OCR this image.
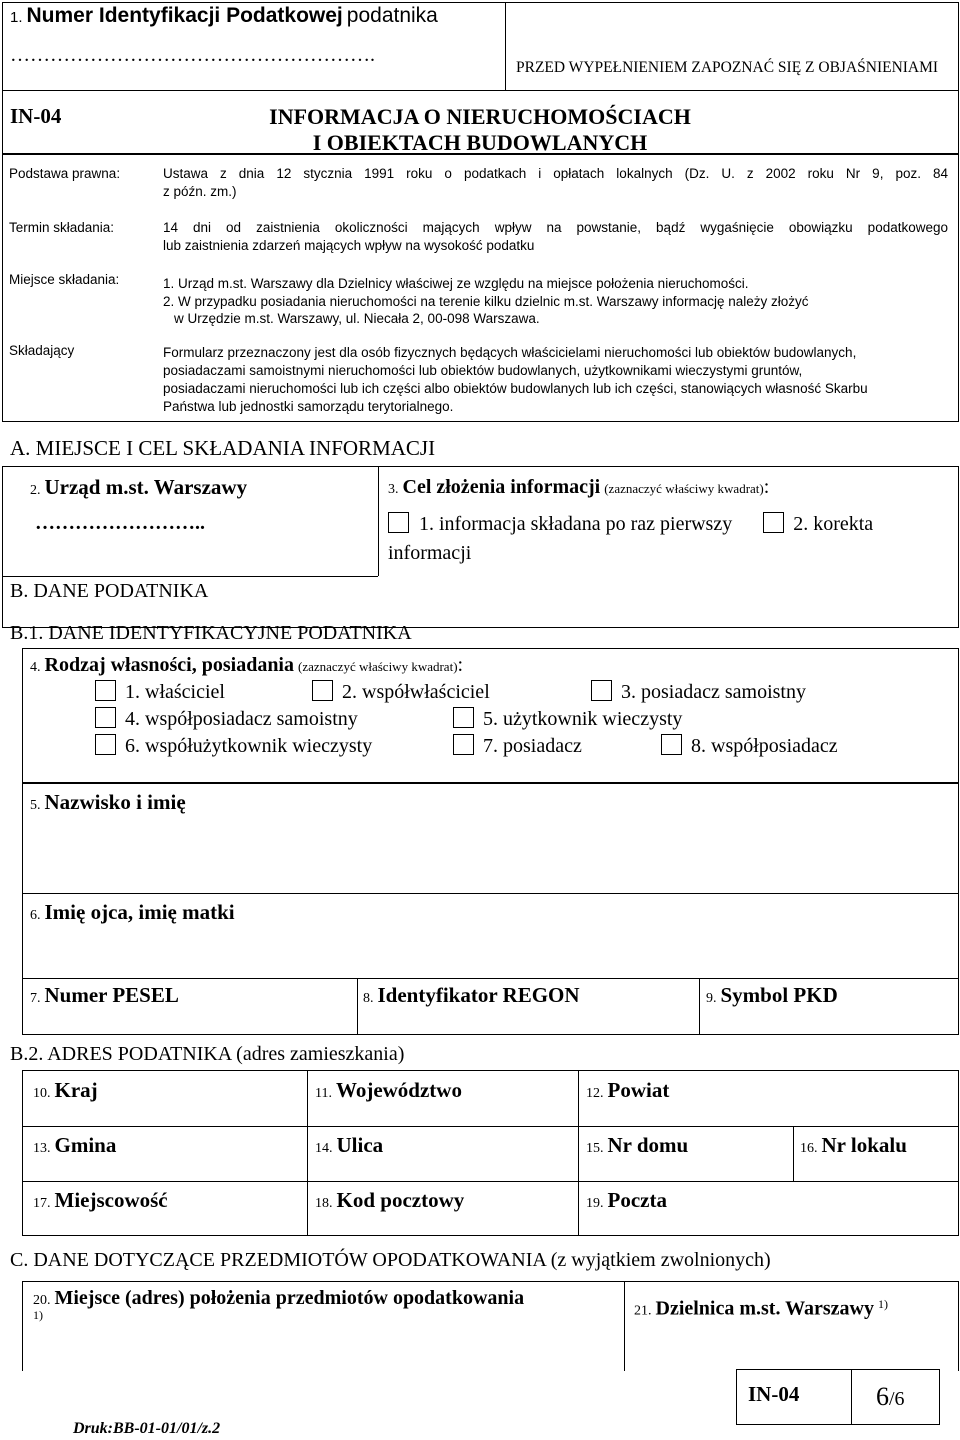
1. Numer Identyfikacji Podatkowej podatnika
……………………………………………….
PRZED WYPEŁNIENIEM ZAPOZNAĆ SIĘ Z OBJAŚNIENIAMI
IN-04	INFORMACJA O NIERUCHOMOŚCIACH
I OBIEKTACH BUDOWLANYCH
Podstawa prawna:	Ustawa z dnia 12 stycznia 1991 roku o podatkach i opłatach lokalnych (Dz. U. z 2002 roku Nr 9, poz. 84
z późn. zm.)
Termin składania:	14 dni od zaistnienia okoliczności mających wpływ na powstanie, bądź wygaśnięcie obowiązku podatkowego
lub zaistnienia zdarzeń mających wpływ na wysokość podatku
Miejsce składania:	1. Urząd m.st. Warszawy dla Dzielnicy właściwej ze względu na miejsce położenia nieruchomości.
2. W przypadku posiadania nieruchomości na terenie kilku dzielnic m.st. Warszawy informację należy złożyć
w Urzędzie m.st. Warszawy, ul. Niecała 2, 00-098 Warszawa.
Składający	Formularz przeznaczony jest dla osób fizycznych będących właścicielami nieruchomości lub obiektów budowlanych,
posiadaczami samoistnymi nieruchomości lub obiektów budowlanych, użytkownikami wieczystymi gruntów,
posiadaczami nieruchomości lub ich części albo obiektów budowlanych lub ich części, stanowiących własność Skarbu
Państwa lub jednostki samorządu terytorialnego.
A. MIEJSCE I CEL SKŁADANIA INFORMACJI
2. Urząd m.st. Warszawy
……………………..
3. Cel złożenia informacji (zaznaczyć właściwy kwadrat):
1. informacja składana po raz pierwszy	2. korekta
informacji
B. DANE PODATNIKA
B.1. DANE IDENTYFIKACYJNE PODATNIKA
4. Rodzaj własności, posiadania (zaznaczyć właściwy kwadrat):
1. właściciel	2. współwłaściciel	3. posiadacz samoistny
4. współposiadacz samoistny	5. użytkownik wieczysty
6. współużytkownik wieczysty	7. posiadacz	8. współposiadacz
5. Nazwisko i imię
6. Imię ojca, imię matki
7. Numer PESEL	8. Identyfikator REGON	9. Symbol PKD
B.2. ADRES PODATNIKA (adres zamieszkania)
10. Kraj	11. Województwo	12. Powiat
13. Gmina	14. Ulica	15. Nr domu	16. Nr lokalu
17. Miejscowość	18. Kod pocztowy	19. Poczta
C. DANE DOTYCZĄCE PRZEDMIOTÓW OPODATKOWANIA (z wyjątkiem zwolnionych)
20. Miejsce (adres) położenia przedmiotów opodatkowania
1)	21. Dzielnica m.st. Warszawy $^{1)}$
IN-04	6/6
Druk:BB-01-01/01/z.2
